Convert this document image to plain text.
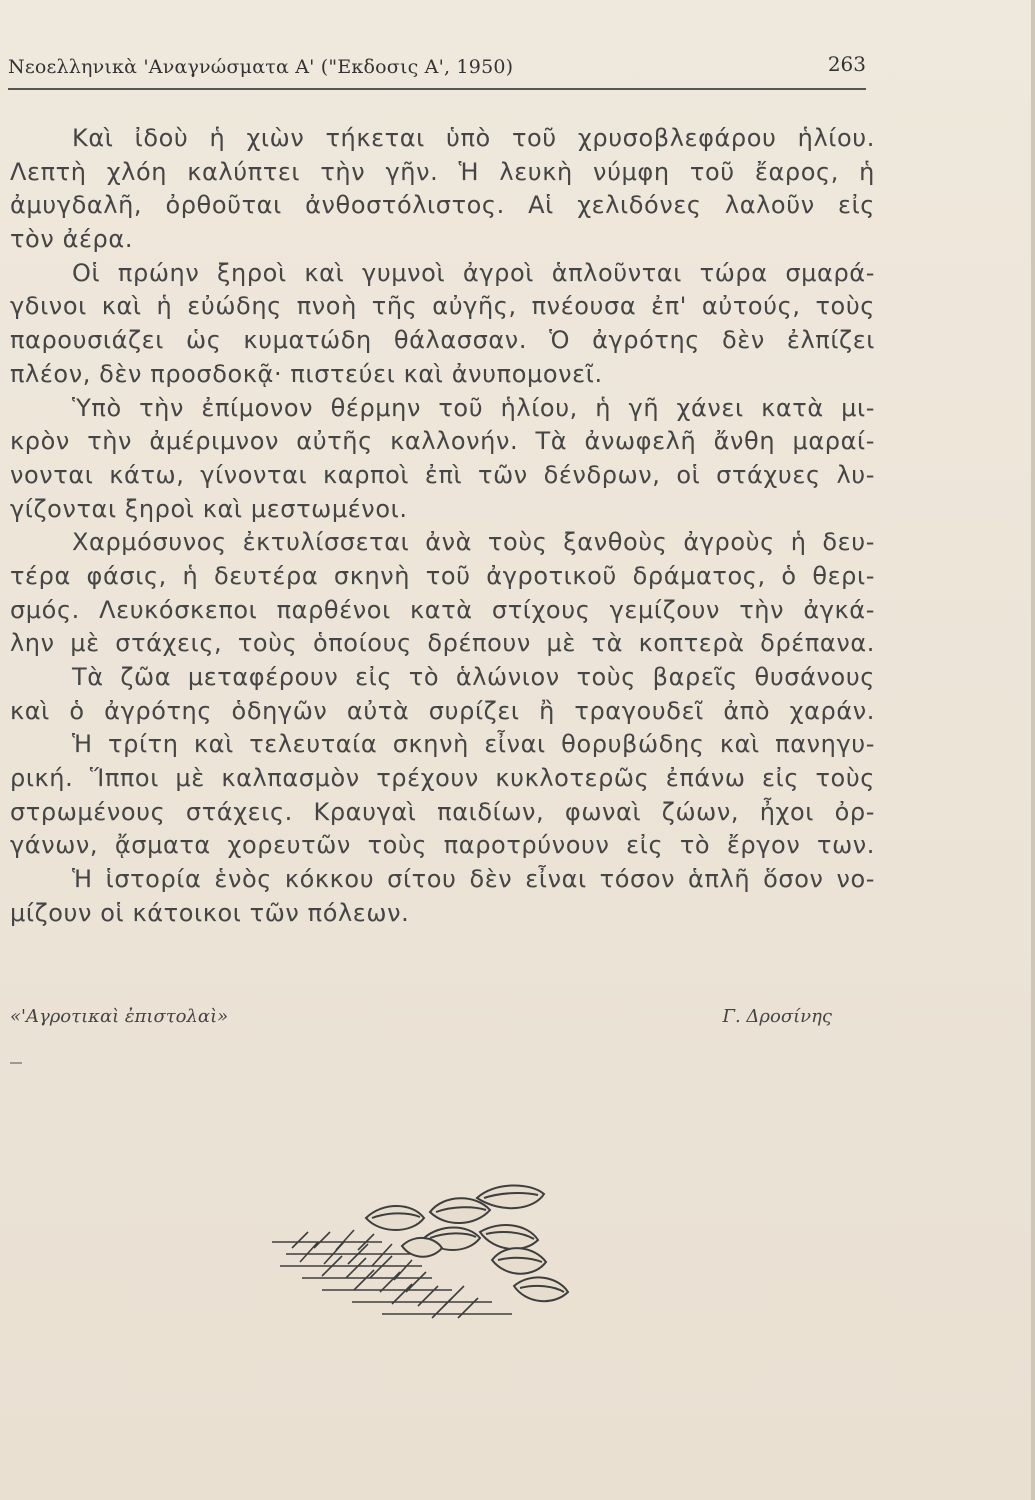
Νεοελληνικὰ 'Αναγνώσματα Α' ("Εκδοσις Α', 1950)	263
Καὶ ἰδοὺ ἡ χιὼν τήκεται ὑπὸ τοῦ χρυσοβλεφάρου ἡλίου.
Λεπτὴ χλόη καλύπτει τὴν γῆν. Ἡ λευκὴ νύμφη τοῦ ἔαρος, ἡ
ἀμυγδαλῆ, ὀρθοῦται ἀνθοστόλιστος. Αἱ χελιδόνες λαλοῦν εἰς
τὸν ἀέρα.
Οἱ πρώην ξηροὶ καὶ γυμνοὶ ἀγροὶ ἁπλοῦνται τώρα σμαρά-
γδινοι καὶ ἡ εὐώδης πνοὴ τῆς αὐγῆς, πνέουσα ἐπ' αὐτούς, τοὺς
παρουσιάζει ὡς κυματώδη θάλασσαν. Ὁ ἀγρότης δὲν ἐλπίζει
πλέον, δὲν προσδοκᾷ· πιστεύει καὶ ἀνυπομονεῖ.
Ὑπὸ τὴν ἐπίμονον θέρμην τοῦ ἡλίου, ἡ γῆ χάνει κατὰ μι-
κρὸν τὴν ἀμέριμνον αὐτῆς καλλονήν. Τὰ ἀνωφελῆ ἄνθη μαραί-
νονται κάτω, γίνονται καρποὶ ἐπὶ τῶν δένδρων, οἱ στάχυες λυ-
γίζονται ξηροὶ καὶ μεστωμένοι.
Χαρμόσυνος ἐκτυλίσσεται ἀνὰ τοὺς ξανθοὺς ἀγροὺς ἡ δευ-
τέρα φάσις, ἡ δευτέρα σκηνὴ τοῦ ἀγροτικοῦ δράματος, ὁ θερι-
σμός. Λευκόσκεποι παρθένοι κατὰ στίχους γεμίζουν τὴν ἀγκά-
λην μὲ στάχεις, τοὺς ὁποίους δρέπουν μὲ τὰ κοπτερὰ δρέπανα.
Τὰ ζῶα μεταφέρουν εἰς τὸ ἁλώνιον τοὺς βαρεῖς θυσάνους
καὶ ὁ ἀγρότης ὁδηγῶν αὐτὰ συρίζει ἢ τραγουδεῖ ἀπὸ χαράν.
Ἡ τρίτη καὶ τελευταία σκηνὴ εἶναι θορυβώδης καὶ πανηγυ-
ρική. Ἵπποι μὲ καλπασμὸν τρέχουν κυκλοτερῶς ἐπάνω εἰς τοὺς
στρωμένους στάχεις. Κραυγαὶ παιδίων, φωναὶ ζώων, ἦχοι ὀρ-
γάνων, ᾄσματα χορευτῶν τοὺς παροτρύνουν εἰς τὸ ἔργον των.
Ἡ ἱστορία ἑνὸς κόκκου σίτου δὲν εἶναι τόσον ἁπλῆ ὅσον νο-
μίζουν οἱ κάτοικοι τῶν πόλεων.
«'Αγροτικαὶ ἐπιστολαὶ»	Γ. Δροσίνης
